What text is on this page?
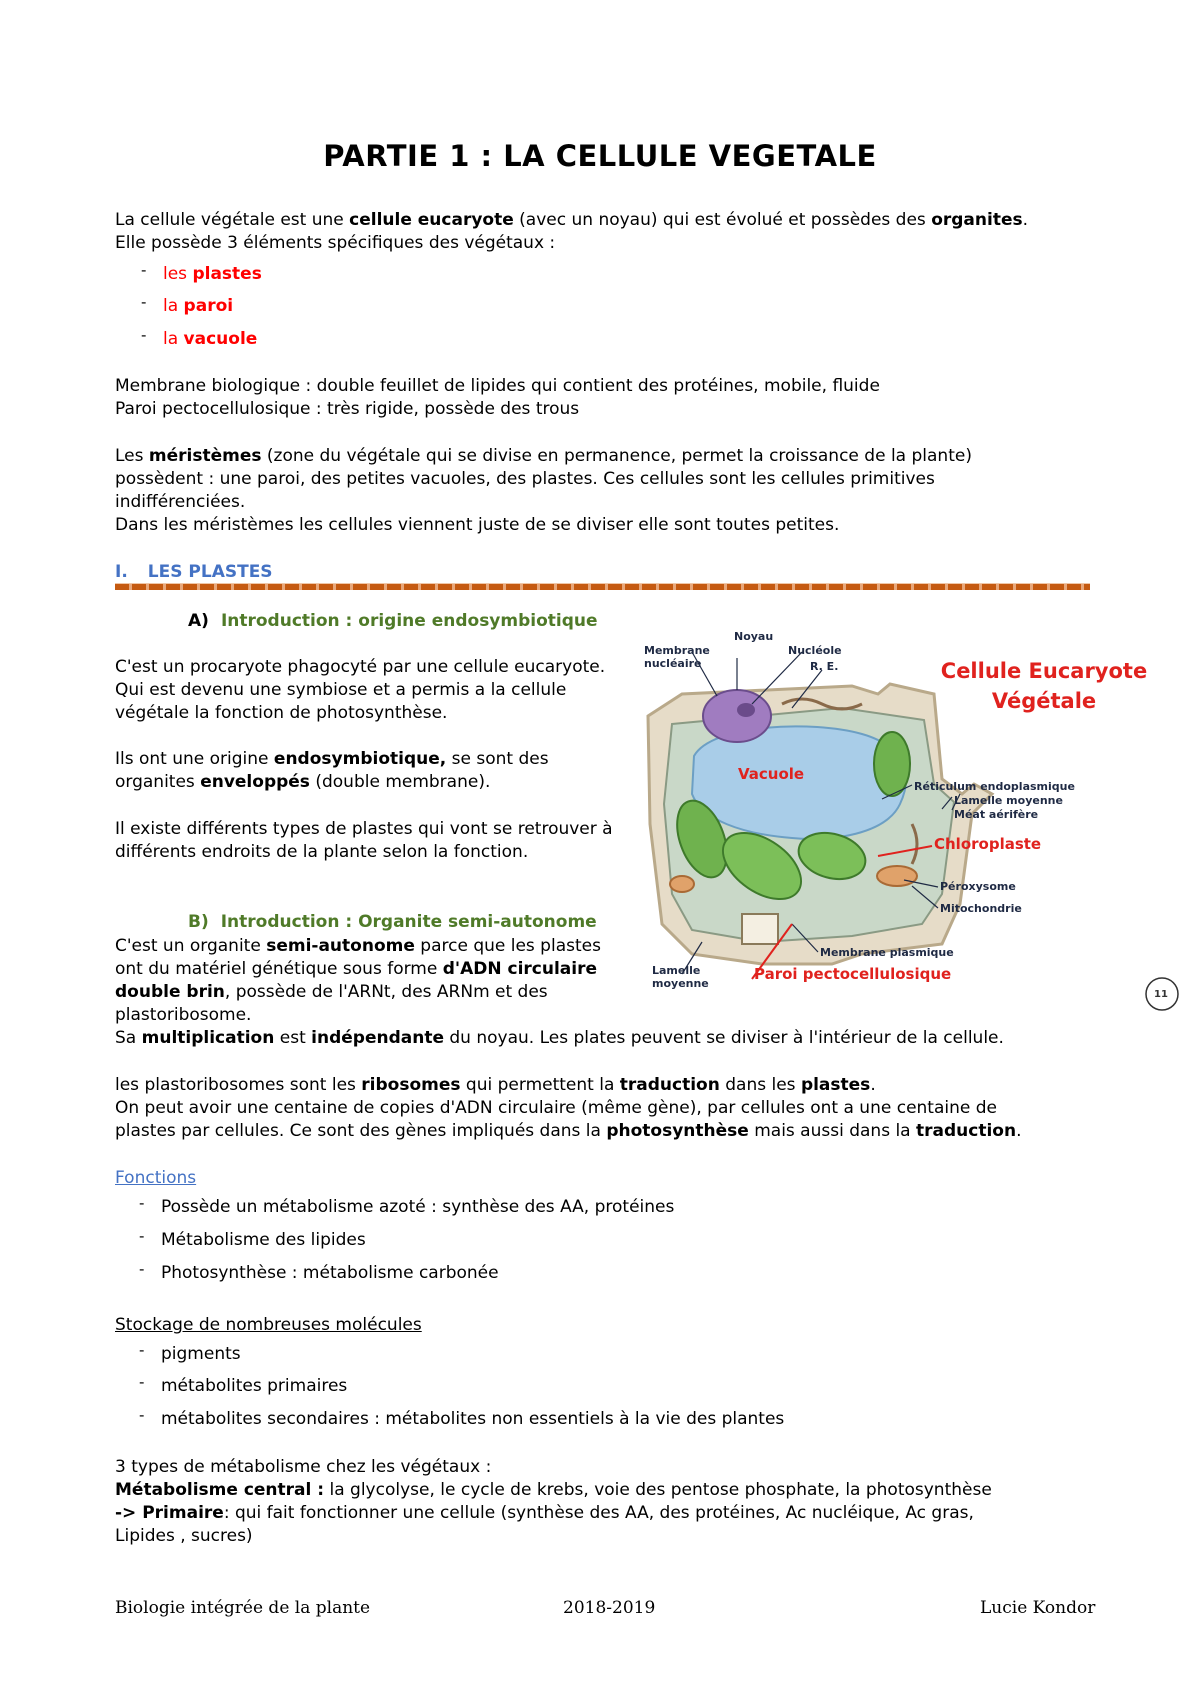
PARTIE 1 : LA CELLULE VEGETALE

La cellule végétale est une cellule eucaryote (avec un noyau) qui est évolué et possèdes des organites.

Elle possède 3 éléments spécifiques des végétaux :

- les plastes
- la paroi
- la vacuole

Membrane biologique : double feuillet de lipides qui contient des protéines, mobile, fluide

Paroi pectocellulosique : très rigide, possède des trous

Les méristèmes (zone du végétale qui se divise en permanence, permet la croissance de la plante)

possèdent : une paroi, des petites vacuoles, des plastes. Ces cellules sont les cellules primitives

indifférenciées.

Dans les méristèmes les cellules viennent juste de se diviser elle sont toutes petites.

I. LES PLASTES
A) Introduction : origine endosymbiotique

C'est un procaryote phagocyté par une cellule eucaryote.

Qui est devenu une symbiose et a permis a la cellule

végétale la fonction de photosynthèse.

Ils ont une origine endosymbiotique, se sont des

organites enveloppés (double membrane).

Il existe différents types de plastes qui vont se retrouver à

différents endroits de la plante selon la fonction.

B) Introduction : Organite semi-autonome

C'est un organite semi-autonome parce que les plastes

ont du matériel génétique sous forme d'ADN circulaire

double brin, possède de l'ARNt, des ARNm et des

plastoribosome.

Sa multiplication est indépendante du noyau. Les plates peuvent se diviser à l'intérieur de la cellule.

les plastoribosomes sont les ribosomes qui permettent la traduction dans les plastes.

On peut avoir une centaine de copies d'ADN circulaire (même gène), par cellules ont a une centaine de

plastes par cellules. Ce sont des gènes impliqués dans la photosynthèse mais aussi dans la traduction.

Fonctions

- Possède un métabolisme azoté : synthèse des AA, protéines
- Métabolisme des lipides
- Photosynthèse : métabolisme carbonée

Stockage de nombreuses molécules

- pigments
- métabolites primaires
- métabolites secondaires : métabolites non essentiels à la vie des plantes

3 types de métabolisme chez les végétaux :

Métabolisme central : la glycolyse, le cycle de krebs, voie des pentose phosphate, la photosynthèse

-> Primaire: qui fait fonctionner une cellule (synthèse des AA, des protéines, Ac nucléique, Ac gras,

Lipides , sucres)

Biologie intégrée de la plante	2018-2019	Lucie Kondor
Cellule Eucaryote
Végétale
Noyau
Membrane
nucléaire
Nucléole
R. E.
Vacuole
Réticulum endoplasmique
Lamelle moyenne
Méat aérifère
Chloroplaste
Péroxysome
Mitochondrie
Membrane plasmique
Lamelle
moyenne
Paroi pectocellulosique
11
